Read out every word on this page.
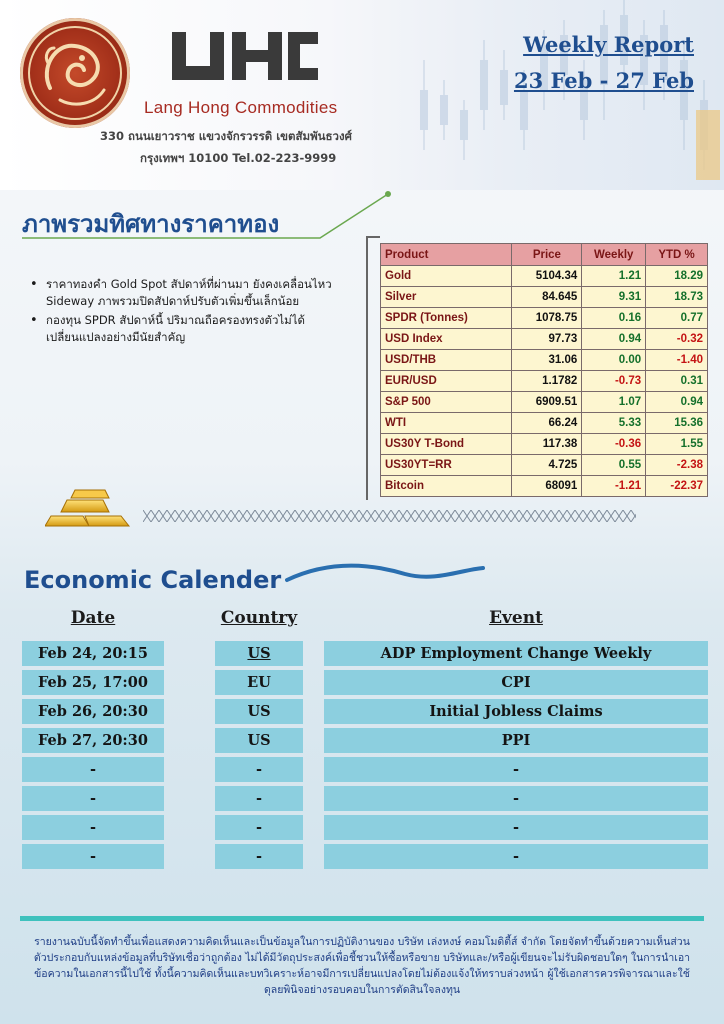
Lang Hong Commodities
330 ถนนเยาวราช แขวงจักรวรรดิ เขตสัมพันธวงศ์
กรุงเทพฯ 10100 Tel.02-223-9999
Weekly Report
23 Feb - 27 Feb
ภาพรวมทิศทางราคาทอง
• ราคาทองคำ Gold Spot สัปดาห์ที่ผ่านมา ยังคงเคลื่อนไหว Sideway ภาพรวมปิดสัปดาห์ปรับตัวเพิ่มขึ้นเล็กน้อย
• กองทุน SPDR สัปดาห์นี้ ปริมาณถือครองทรงตัวไม่ได้เปลี่ยนแปลงอย่างมีนัยสำคัญ
Product	Price	Weekly	YTD %
Gold	5104.34	1.21	18.29
Silver	84.645	9.31	18.73
SPDR (Tonnes)	1078.75	0.16	0.77
USD Index	97.73	0.94	-0.32
USD/THB	31.06	0.00	-1.40
EUR/USD	1.1782	-0.73	0.31
S&P 500	6909.51	1.07	0.94
WTI	66.24	5.33	15.36
US30Y T-Bond	117.38	-0.36	1.55
US30YT=RR	4.725	0.55	-2.38
Bitcoin	68091	-1.21	-22.37
Economic Calender
Date	Country	Event
Feb 24, 20:15	US	ADP Employment Change Weekly
Feb 25, 17:00	EU	CPI
Feb 26, 20:30	US	Initial Jobless Claims
Feb 27, 20:30	US	PPI
-	-	-
-	-	-
-	-	-
-	-	-
รายงานฉบับนี้จัดทำขึ้นเพื่อแสดงความคิดเห็นและเป็นข้อมูลในการปฏิบัติงานของ บริษัท เล่งหงษ์ คอมโมดิตี้ส์ จำกัด โดยจัดทำขึ้นด้วยความเห็นส่วนตัวประกอบกับแหล่งข้อมูลที่บริษัทเชื่อว่าถูกต้อง ไม่ได้มีวัตถุประสงค์เพื่อชี้ชวนให้ซื้อหรือขาย บริษัทและ/หรือผู้เขียนจะไม่รับผิดชอบใดๆ ในการนำเอาข้อความในเอกสารนี้ไปใช้ ทั้งนี้ความคิดเห็นและบทวิเคราะห์อาจมีการเปลี่ยนแปลงโดยไม่ต้องแจ้งให้ทราบล่วงหน้า ผู้ใช้เอกสารควรพิจารณาและใช้ดุลยพินิจอย่างรอบคอบในการตัดสินใจลงทุน
